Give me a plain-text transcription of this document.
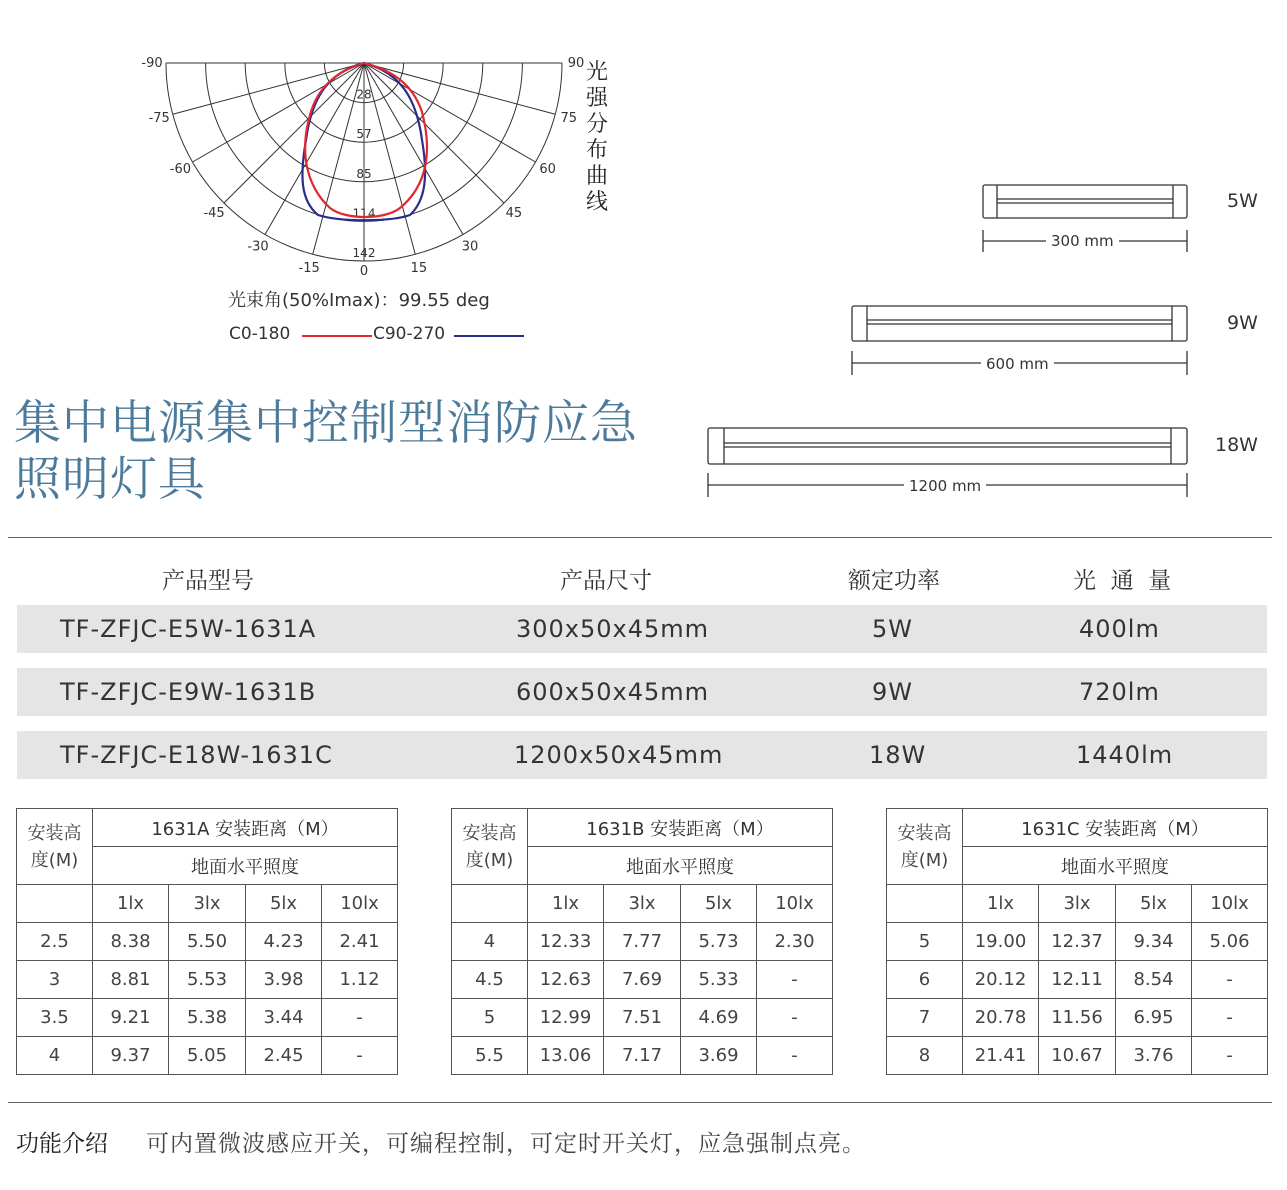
-90	90
-75	75
-60	60
-45	45
-30	30
-15	15
0
28
57
85
114
142
光
强
分
布
曲
线
光束角(50%Imax)：99.55 deg
C0-180	C90-270
300 mm
600 mm
1200 mm
5W
9W
18W
集中电源集中控制型消防应急
照明灯具
产品型号	产品尺寸	额定功率	光  通  量
TF-ZFJC-E5W-1631A	300x50x45mm	5W	400lm
TF-ZFJC-E9W-1631B	600x50x45mm	9W	720lm
TF-ZFJC-E18W-1631C	1200x50x45mm	18W	1440lm
安装高
度(M)	1631A 安装距离（M）			
	地面水平照度			
	1lx	3lx	5lx	10lx
2.5	8.38	5.50	4.23	2.41
3	8.81	5.53	3.98	1.12
3.5	9.21	5.38	3.44	-
4	9.37	5.05	2.45	-
安装高
度(M)	1631B 安装距离（M）			
	地面水平照度			
	1lx	3lx	5lx	10lx
4	12.33	7.77	5.73	2.30
4.5	12.63	7.69	5.33	-
5	12.99	7.51	4.69	-
5.5	13.06	7.17	3.69	-
安装高
度(M)	1631C 安装距离（M）			
	地面水平照度			
	1lx	3lx	5lx	10lx
5	19.00	12.37	9.34	5.06
6	20.12	12.11	8.54	-
7	20.78	11.56	6.95	-
8	21.41	10.67	3.76	-
功能介绍 可内置微波感应开关，可编程控制，可定时开关灯，应急强制点亮。
